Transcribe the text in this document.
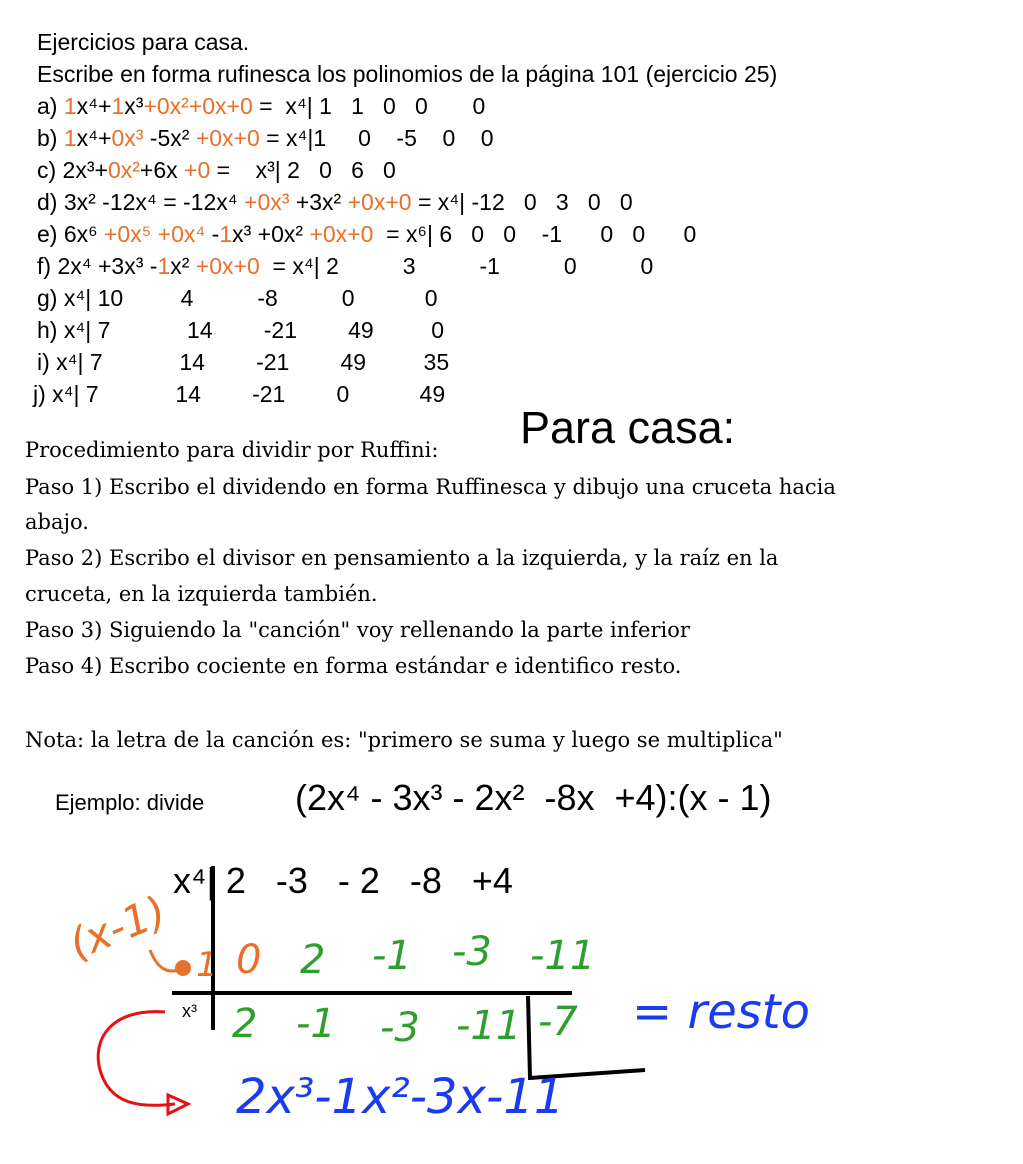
Ejercicios para casa.
Escribe en forma rufinesca los polinomios de la página 101 (ejercicio 25)
a) 1x⁴+1x³+0x²+0x+0 =  x⁴| 1   1   0   0       0
b) 1x⁴+0x³ -5x² +0x+0 = x⁴|1     0    -5    0    0
c) 2x³+0x²+6x +0 =    x³| 2   0   6   0
d) 3x² -12x⁴ = -12x⁴ +0x³ +3x² +0x+0 = x⁴| -12   0   3   0   0
e) 6x⁶ +0x⁵ +0x⁴ -1x³ +0x² +0x+0  = x⁶| 6   0   0    -1      0   0      0
f) 2x⁴ +3x³ -1x² +0x+0  = x⁴| 2          3          -1          0          0
g) x⁴| 10         4          -8          0           0
h) x⁴| 7            14        -21        49         0
i) x⁴| 7            14        -21        49         35
j) x⁴| 7            14        -21        0           49
Procedimiento para dividir por Ruffini: Para casa:
Paso 1) Escribo el dividendo en forma Ruffinesca y dibujo una cruceta hacia
abajo.
Paso 2) Escribo el divisor en pensamiento a la izquierda, y la raíz en la
cruceta, en la izquierda también.
Paso 3) Siguiendo la "canción" voy rellenando la parte inferior
Paso 4) Escribo cociente en forma estándar e identifico resto.
Nota: la letra de la canción es: "primero se suma y luego se multiplica"
Ejemplo: divide	(2x⁴ - 3x³ - 2x²  -8x  +4):(x - 1)
x⁴| 2   -3   - 2   -8   +4
x³
(x-1) 1 0 2 -1 -3 -11
2 -1 -3 -11 -7 = resto
2x³-1x²-3x-11
